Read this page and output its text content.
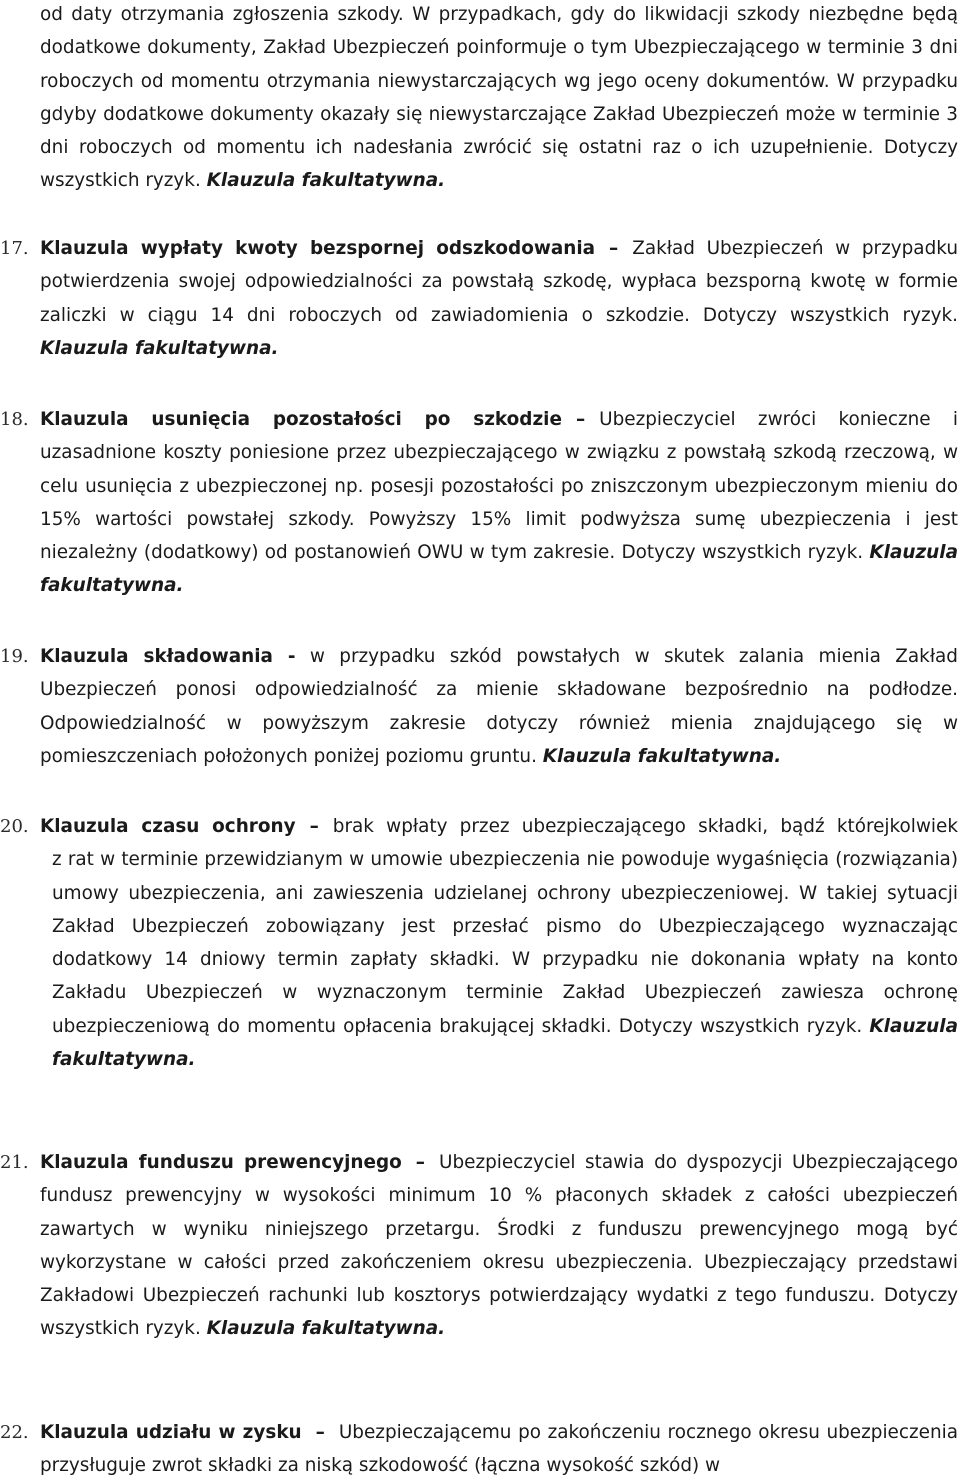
od daty otrzymania zgłoszenia szkody. W przypadkach, gdy do likwidacji szkody niezbędne będą dodatkowe dokumenty, Zakład Ubezpieczeń poinformuje o tym Ubezpieczającego w terminie 3 dni roboczych od momentu otrzymania niewystarczających wg jego oceny dokumentów. W przypadku gdyby dodatkowe dokumenty okazały się niewystarczające Zakład Ubezpieczeń może w terminie 3 dni roboczych od momentu ich nadesłania zwrócić się ostatni raz o ich uzupełnienie. Dotyczy wszystkich ryzyk. Klauzula fakultatywna.
17. Klauzula wypłaty kwoty bezspornej odszkodowania – Zakład Ubezpieczeń w przypadku potwierdzenia swojej odpowiedzialności za powstałą szkodę, wypłaca bezsporną kwotę w formie zaliczki w ciągu 14 dni roboczych od zawiadomienia o szkodzie. Dotyczy wszystkich ryzyk. Klauzula fakultatywna.
18. Klauzula usunięcia pozostałości po szkodzie – Ubezpieczyciel zwróci konieczne i uzasadnione koszty poniesione przez ubezpieczającego w związku z powstałą szkodą rzeczową, w celu usunięcia z ubezpieczonej np. posesji pozostałości po zniszczonym ubezpieczonym mieniu do 15% wartości powstałej szkody. Powyższy 15% limit podwyższa sumę ubezpieczenia i jest niezależny (dodatkowy) od postanowień OWU w tym zakresie. Dotyczy wszystkich ryzyk. Klauzula fakultatywna.
19. Klauzula składowania - w przypadku szkód powstałych w skutek zalania mienia Zakład Ubezpieczeń ponosi odpowiedzialność za mienie składowane bezpośrednio na podłodze. Odpowiedzialność w powyższym zakresie dotyczy również mienia znajdującego się w pomieszczeniach położonych poniżej poziomu gruntu. Klauzula fakultatywna.
20. Klauzula czasu ochrony – brak wpłaty przez ubezpieczającego składki, bądź którejkolwiek
z rat w terminie przewidzianym w umowie ubezpieczenia nie powoduje wygaśnięcia (rozwiązania) umowy ubezpieczenia, ani zawieszenia udzielanej ochrony ubezpieczeniowej. W takiej sytuacji Zakład Ubezpieczeń zobowiązany jest przesłać pismo do Ubezpieczającego wyznaczając dodatkowy 14 dniowy termin zapłaty składki. W przypadku nie dokonania wpłaty na konto Zakładu Ubezpieczeń w wyznaczonym terminie Zakład Ubezpieczeń zawiesza ochronę ubezpieczeniową do momentu opłacenia brakującej składki. Dotyczy wszystkich ryzyk. Klauzula fakultatywna.
21. Klauzula funduszu prewencyjnego – Ubezpieczyciel stawia do dyspozycji Ubezpieczającego fundusz prewencyjny w wysokości minimum 10 % płaconych składek z całości ubezpieczeń zawartych w wyniku niniejszego przetargu. Środki z funduszu prewencyjnego mogą być wykorzystane w całości przed zakończeniem okresu ubezpieczenia. Ubezpieczający przedstawi Zakładowi Ubezpieczeń rachunki lub kosztorys potwierdzający wydatki z tego funduszu. Dotyczy wszystkich ryzyk. Klauzula fakultatywna.
22. Klauzula udziału w zysku – Ubezpieczającemu po zakończeniu rocznego okresu ubezpieczenia przysługuje zwrot składki za niską szkodowość (łączna wysokość szkód) w
